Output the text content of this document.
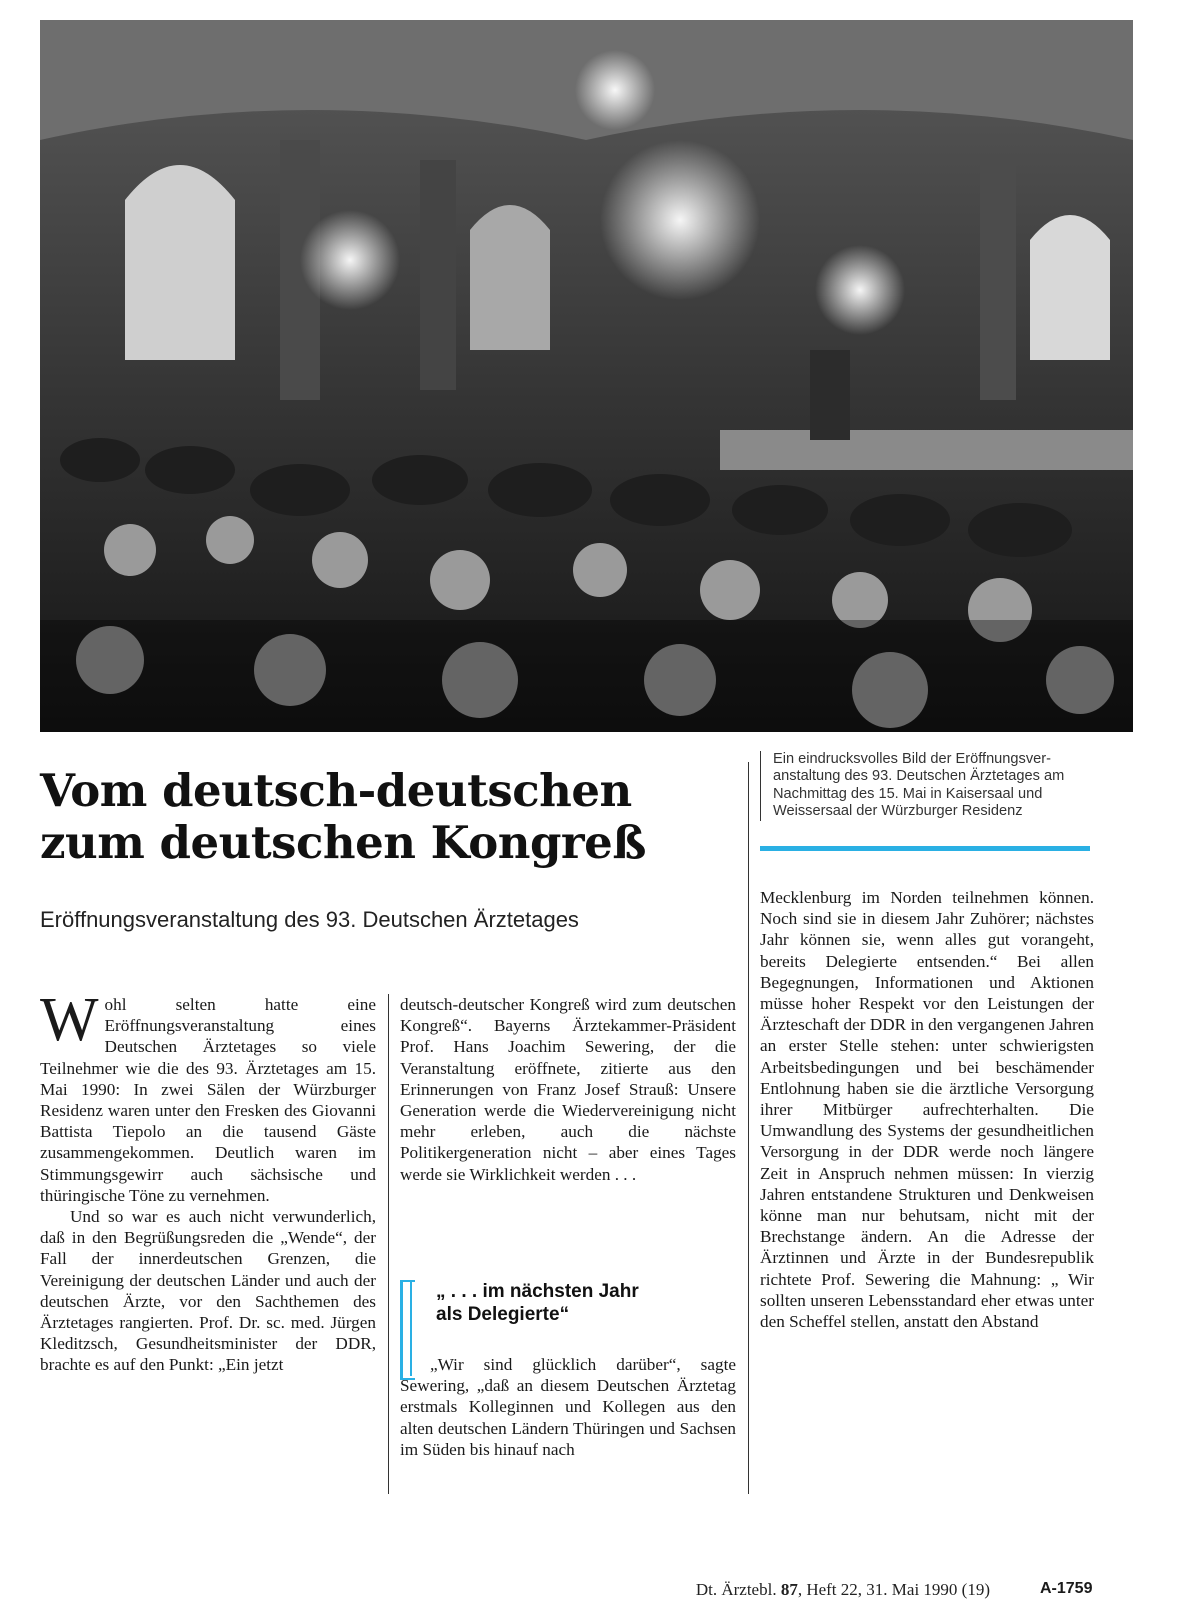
Ein eindrucksvolles Bild der Eröffnungsver-
anstaltung des 93. Deutschen Ärztetages am
Nachmittag des 15. Mai in Kaisersaal und
Weissersaal der Würzburger Residenz
Vom deutsch-deutschen
zum deutschen Kongreß
Eröffnungsveranstaltung des 93. Deutschen Ärztetages

Wohl selten hatte eine Eröffnungsveranstaltung eines Deutschen Ärztetages so viele Teilnehmer wie die des 93. Ärztetages am 15. Mai 1990: In zwei Sälen der Würzburger Residenz waren unter den Fresken des Giovanni Battista Tiepolo an die tausend Gäste zusammengekommen. Deutlich waren im Stimmungsgewirr auch sächsische und thüringische Töne zu vernehmen.

Und so war es auch nicht verwunderlich, daß in den Begrüßungsreden die „Wende“, der Fall der innerdeutschen Grenzen, die Vereinigung der deutschen Länder und auch der deutschen Ärzte, vor den Sachthemen des Ärztetages rangierten. Prof. Dr. sc. med. Jürgen Kleditzsch, Gesundheitsminister der DDR, brachte es auf den Punkt: „Ein jetzt

deutsch-deutscher Kongreß wird zum deutschen Kongreß“. Bayerns Ärztekammer-Präsident Prof. Hans Joachim Sewering, der die Veranstaltung eröffnete, zitierte aus den Erinnerungen von Franz Josef Strauß: Unsere Generation werde die Wiedervereinigung nicht mehr erleben, auch die nächste Politikergeneration nicht – aber eines Tages werde sie Wirklichkeit werden . . .

„ . . . im nächsten Jahr
als Delegierte“

„Wir sind glücklich darüber“, sagte Sewering, „daß an diesem Deutschen Ärztetag erstmals Kolleginnen und Kollegen aus den alten deutschen Ländern Thüringen und Sachsen im Süden bis hinauf nach

Mecklenburg im Norden teilnehmen können. Noch sind sie in diesem Jahr Zuhörer; nächstes Jahr können sie, wenn alles gut vorangeht, bereits Delegierte entsenden.“ Bei allen Begegnungen, Informationen und Aktionen müsse hoher Respekt vor den Leistungen der Ärzteschaft der DDR in den vergangenen Jahren an erster Stelle stehen: unter schwierigsten Arbeitsbedingungen und bei beschämender Entlohnung haben sie die ärztliche Versorgung ihrer Mitbürger aufrechterhalten. Die Umwandlung des Systems der gesundheitlichen Versorgung in der DDR werde noch längere Zeit in Anspruch nehmen müssen: In vierzig Jahren entstandene Strukturen und Denkweisen könne man nur behutsam, nicht mit der Brechstange ändern. An die Adresse der Ärztinnen und Ärzte in der Bundesrepublik richtete Prof. Sewering die Mahnung: „ Wir sollten unseren Lebensstandard eher etwas unter den Scheffel stellen, anstatt den Abstand

Dt. Ärztebl. 87, Heft 22, 31. Mai 1990 (19)	A-1759
